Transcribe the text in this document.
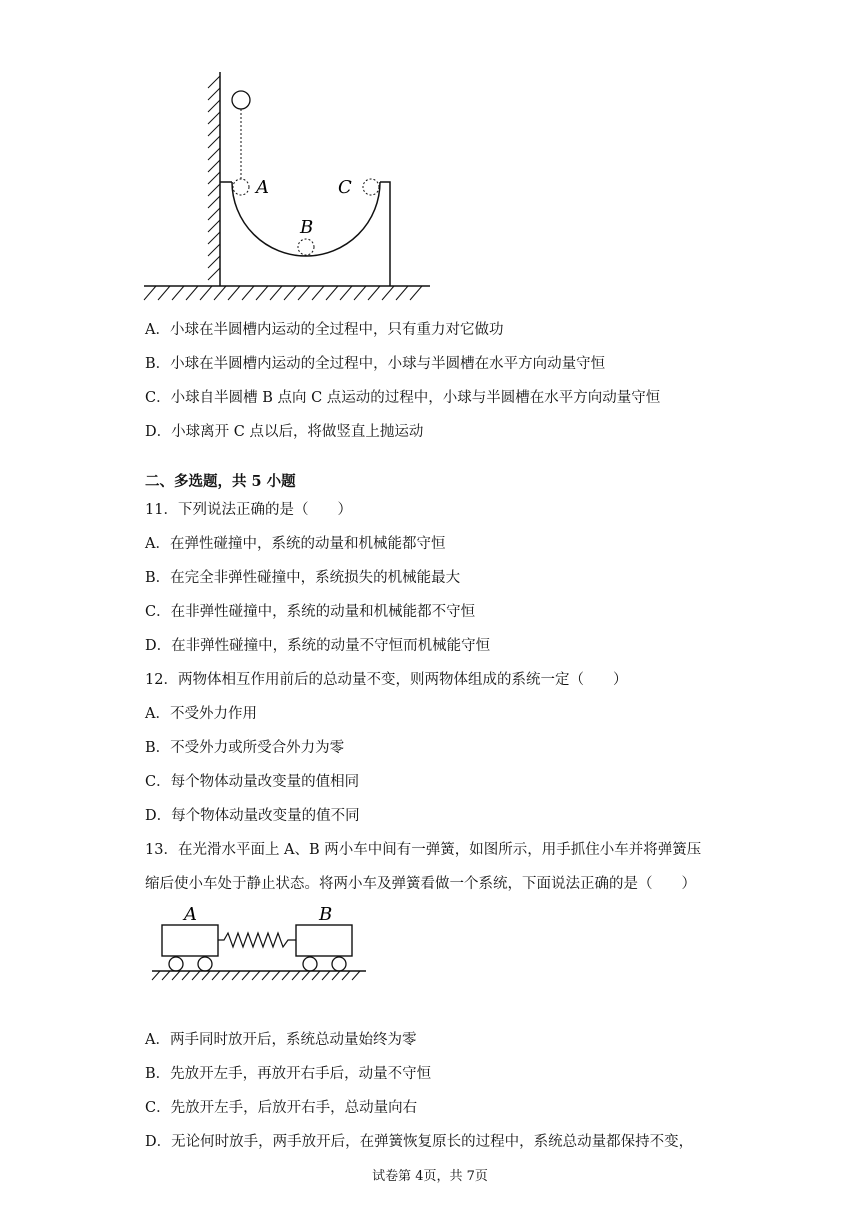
A	C
B
A．小球在半圆槽内运动的全过程中，只有重力对它做功
B．小球在半圆槽内运动的全过程中，小球与半圆槽在水平方向动量守恒
C．小球自半圆槽 B 点向 C 点运动的过程中，小球与半圆槽在水平方向动量守恒
D．小球离开 C 点以后，将做竖直上抛运动
二、多选题，共 5 小题
11．下列说法正确的是（　　）
A．在弹性碰撞中，系统的动量和机械能都守恒
B．在完全非弹性碰撞中，系统损失的机械能最大
C．在非弹性碰撞中，系统的动量和机械能都不守恒
D．在非弹性碰撞中，系统的动量不守恒而机械能守恒
12．两物体相互作用前后的总动量不变，则两物体组成的系统一定（　　）
A．不受外力作用
B．不受外力或所受合外力为零
C．每个物体动量改变量的值相同
D．每个物体动量改变量的值不同
13．在光滑水平面上 A、B 两小车中间有一弹簧，如图所示，用手抓住小车并将弹簧压
缩后使小车处于静止状态。将两小车及弹簧看做一个系统，下面说法正确的是（　　）
A	B
A．两手同时放开后，系统总动量始终为零
B．先放开左手，再放开右手后，动量不守恒
C．先放开左手，后放开右手，总动量向右
D．无论何时放手，两手放开后，在弹簧恢复原长的过程中，系统总动量都保持不变，
试卷第 4页，共 7页
